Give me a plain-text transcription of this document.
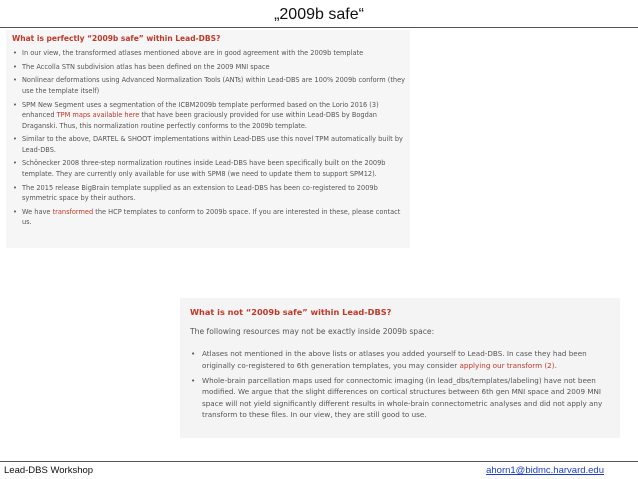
„2009b safe“
What is perfectly “2009b safe” within Lead-DBS?
• In our view, the transformed atlases mentioned above are in good agreement with the 2009b template
• The Accolla STN subdivision atlas has been defined on the 2009 MNI space
• Nonlinear deformations using Advanced Normalization Tools (ANTs) within Lead-DBS are 100% 2009b conform (they use the template itself)
• SPM New Segment uses a segmentation of the ICBM2009b template performed based on the Lorio 2016 (3) enhanced TPM maps available here that have been graciously provided for use within Lead-DBS by Bogdan Draganski. Thus, this normalization routine perfectly conforms to the 2009b template.
• Similar to the above, DARTEL & SHOOT implementations within Lead-DBS use this novel TPM automatically built by Lead-DBS.
• Schönecker 2008 three-step normalization routines inside Lead-DBS have been specifically built on the 2009b template. They are currently only available for use with SPM8 (we need to update them to support SPM12).
• The 2015 release BigBrain template supplied as an extension to Lead-DBS has been co-registered to 2009b symmetric space by their authors.
• We have transformed the HCP templates to conform to 2009b space. If you are interested in these, please contact us.
What is not “2009b safe” within Lead-DBS?
The following resources may not be exactly inside 2009b space:
• Atlases not mentioned in the above lists or atlases you added yourself to Lead-DBS. In case they had been originally co-registered to 6th generation templates, you may consider applying our transform (2).
• Whole-brain parcellation maps used for connectomic imaging (in lead_dbs/templates/labeling) have not been modified. We argue that the slight differences on cortical structures between 6th gen MNI space and 2009 MNI space will not yield significantly different results in whole-brain connectometric analyses and did not apply any transform to these files. In our view, they are still good to use.
Lead-DBS Workshop	ahorn1@bidmc.harvard.edu
